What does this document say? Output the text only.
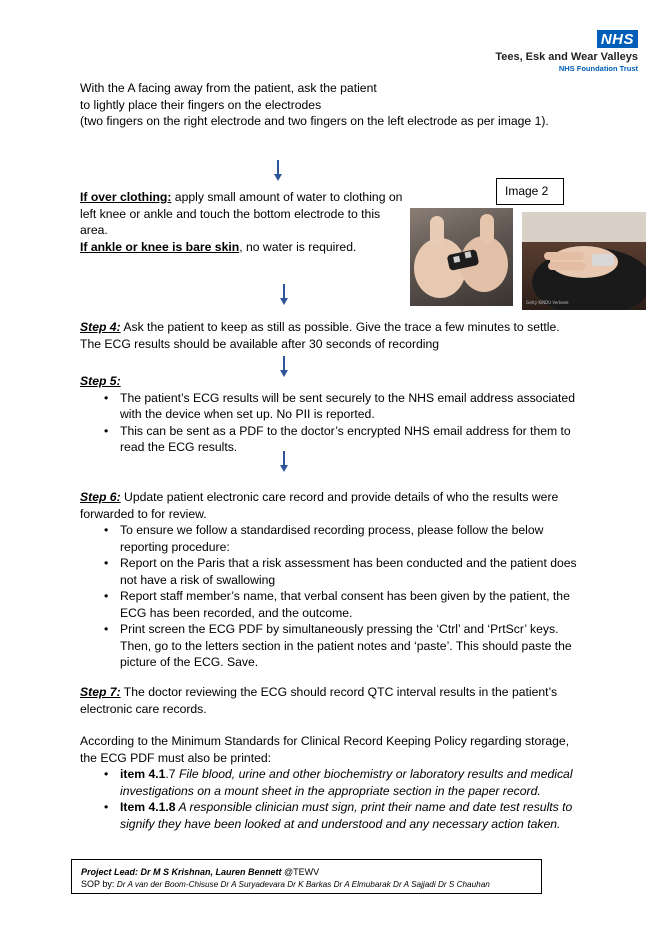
NHS
Tees, Esk and Wear Valleys
NHS Foundation Trust
With the A facing away from the patient, ask the patient
to lightly place their fingers on the electrodes
(two fingers on the right electrode and two fingers on the left electrode as per image 1).
If over clothing: apply small amount of water to clothing on
left knee or ankle and touch the bottom electrode to this
area.
If ankle or knee is bare skin, no water is required.
Image 2
Getty KINDU Verbeek
Step 4: Ask the patient to keep as still as possible. Give the trace a few minutes to settle.
The ECG results should be available after 30 seconds of recording
Step 5:
• The patient’s ECG results will be sent securely to the NHS email address associated
with the device when set up. No PII is reported.
• This can be sent as a PDF to the doctor’s encrypted NHS email address for them to
read the ECG results.
Step 6: Update patient electronic care record and provide details of who the results were
forwarded to for review.
• To ensure we follow a standardised recording process, please follow the below
reporting procedure:
• Report on the Paris that a risk assessment has been conducted and the patient does
not have a risk of swallowing
• Report staff member’s name, that verbal consent has been given by the patient, the
ECG has been recorded, and the outcome.
• Print screen the ECG PDF by simultaneously pressing the ‘Ctrl’ and ‘PrtScr’ keys.
Then, go to the letters section in the patient notes and ‘paste’. This should paste the
picture of the ECG. Save.
Step 7: The doctor reviewing the ECG should record QTC interval results in the patient’s
electronic care records.
According to the Minimum Standards for Clinical Record Keeping Policy regarding storage,
the ECG PDF must also be printed:
• item 4.1.7 File blood, urine and other biochemistry or laboratory results and medical
investigations on a mount sheet in the appropriate section in the paper record.
• Item 4.1.8 A responsible clinician must sign, print their name and date test results to
signify they have been looked at and understood and any necessary action taken.
Project Lead: Dr M S Krishnan, Lauren Bennett @TEWV
SOP by: Dr A van der Boom-Chisuse Dr A Suryadevara Dr K Barkas Dr A Elmubarak Dr A Sajjadi Dr S Chauhan
